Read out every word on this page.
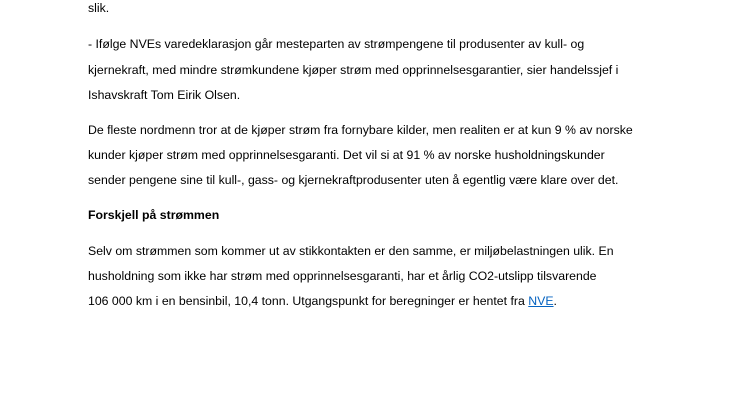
slik.
- Ifølge NVEs varedeklarasjon går mesteparten av strømpengene til produsenter av kull- og
kjernekraft, med mindre strømkundene kjøper strøm med opprinnelsesgarantier, sier handelssjef i
Ishavskraft Tom Eirik Olsen.
De fleste nordmenn tror at de kjøper strøm fra fornybare kilder, men realiten er at kun 9 % av norske
kunder kjøper strøm med opprinnelsesgaranti. Det vil si at 91 % av norske husholdningskunder
sender pengene sine til kull-, gass- og kjernekraftprodusenter uten å egentlig være klare over det.
Forskjell på strømmen
Selv om strømmen som kommer ut av stikkontakten er den samme, er miljøbelastningen ulik. En
husholdning som ikke har strøm med opprinnelsesgaranti, har et årlig CO2-utslipp tilsvarende
106 000 km i en bensinbil, 10,4 tonn. Utgangspunkt for beregninger er hentet fra NVE.
